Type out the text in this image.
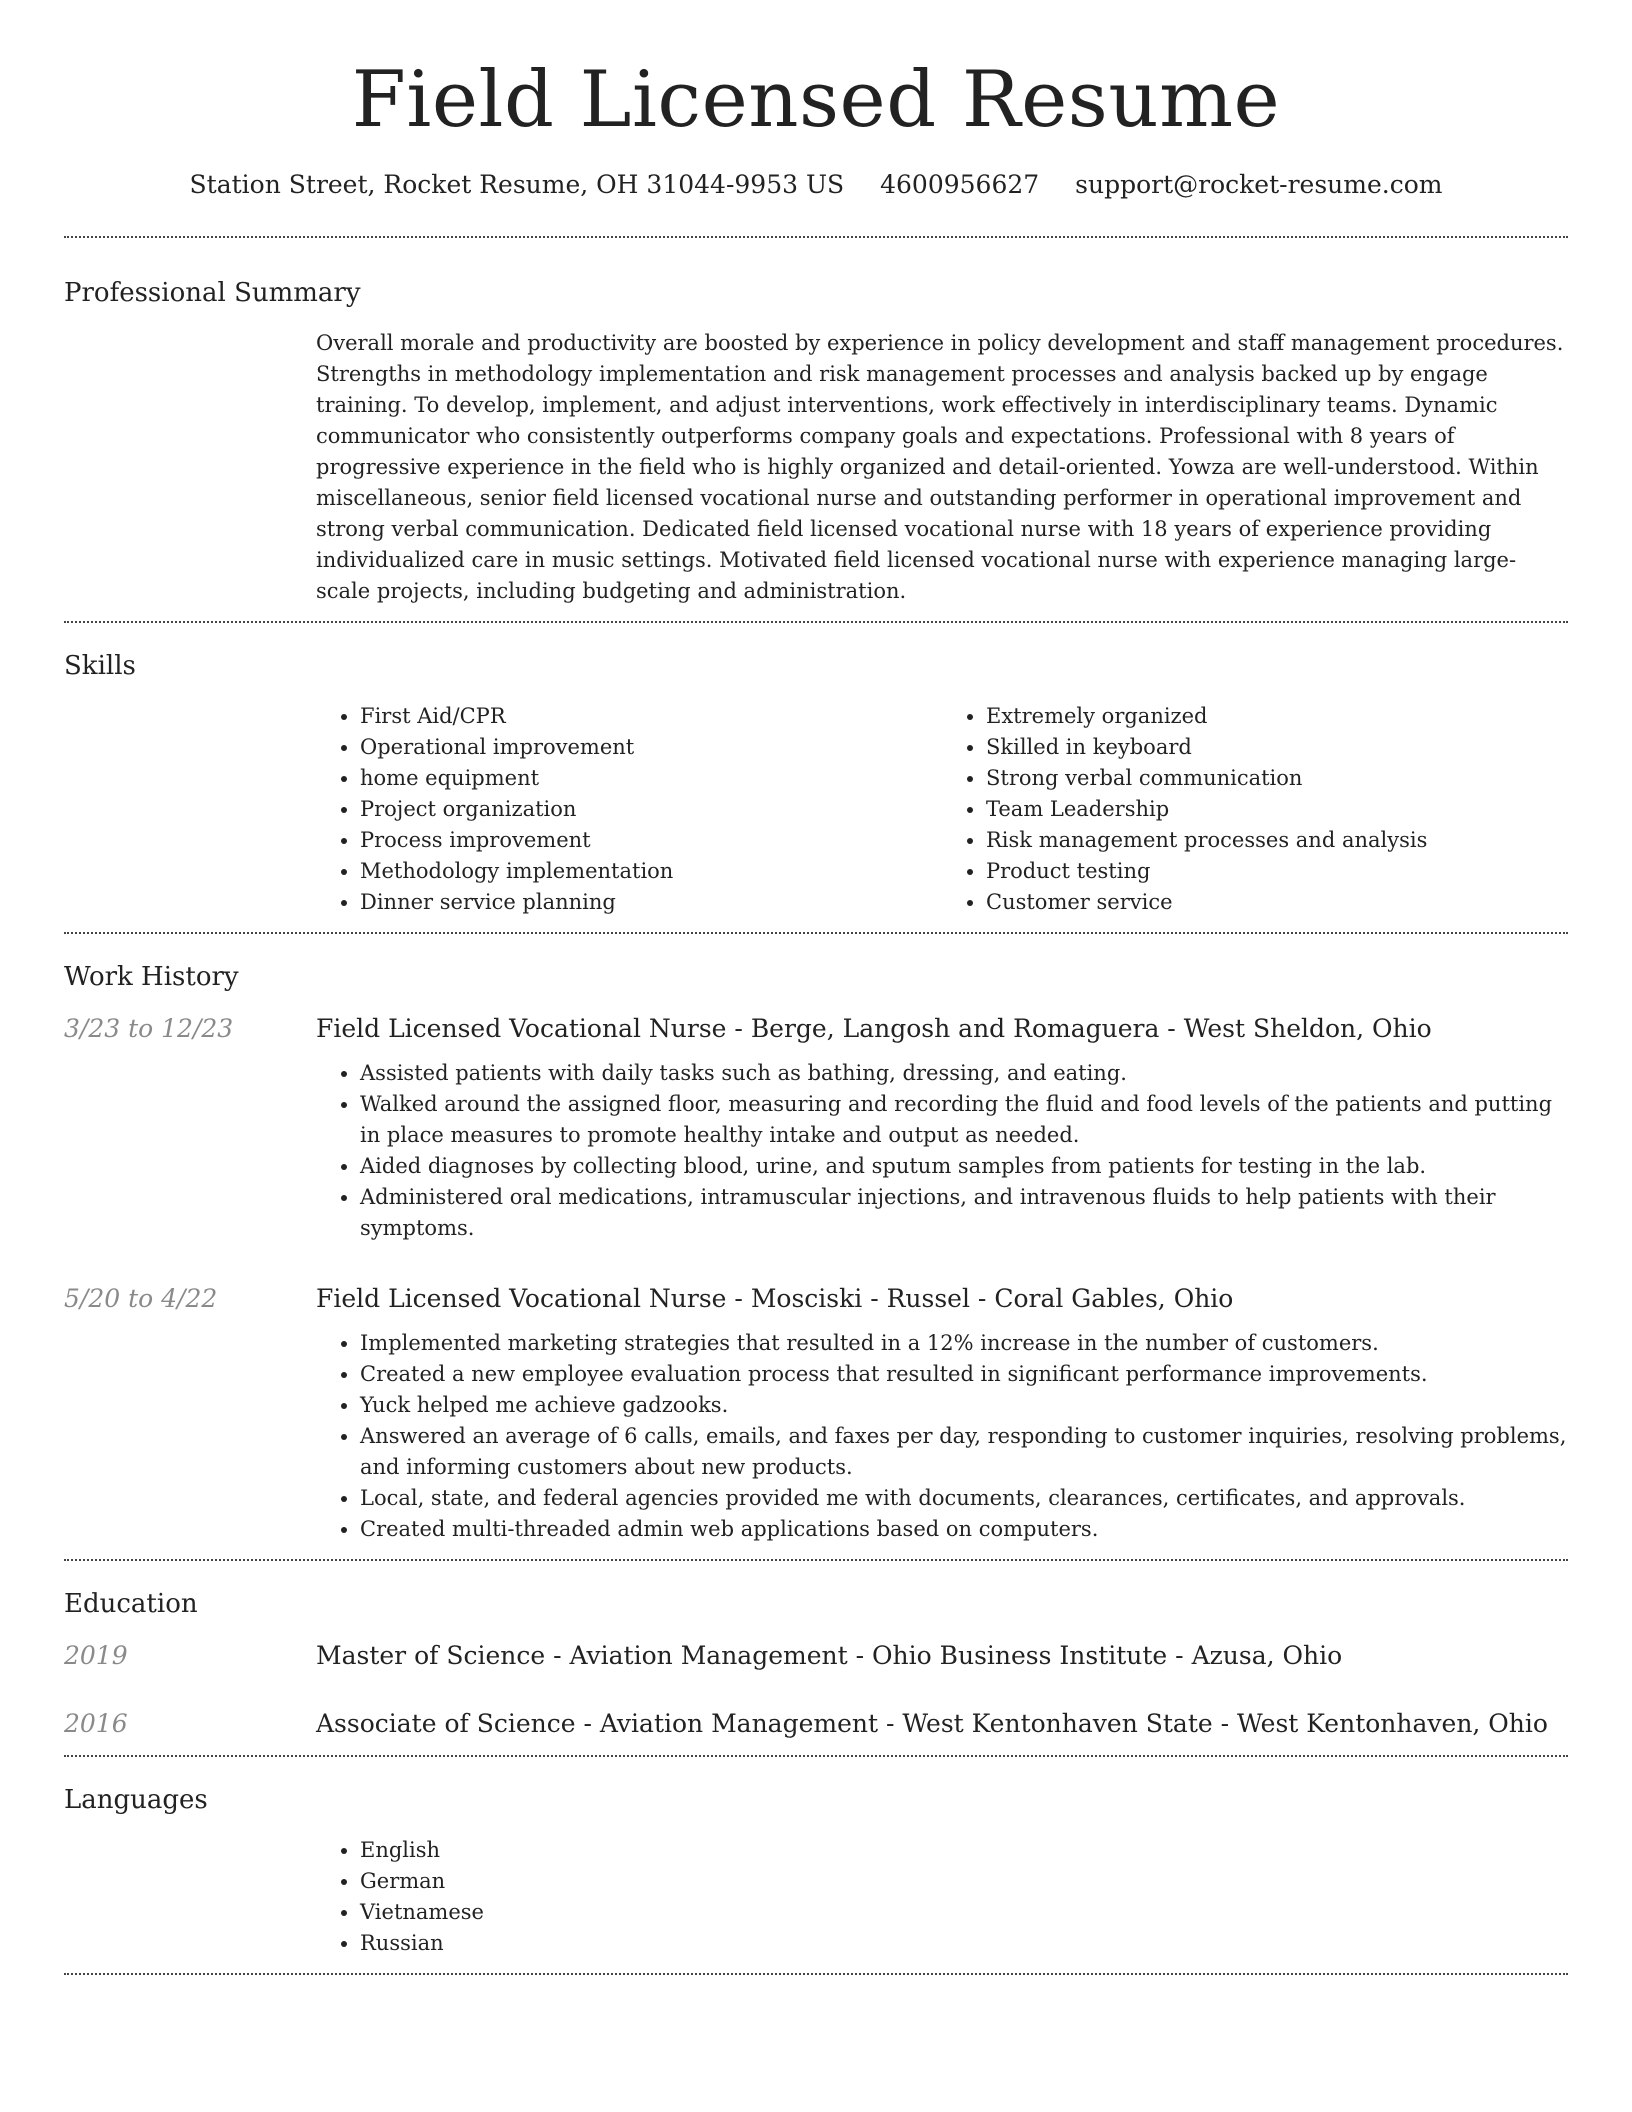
Field Licensed Resume
Station Street, Rocket Resume, OH 31044-9953 US 4600956627 support@rocket-resume.com
Professional Summary

Overall morale and productivity are boosted by experience in policy development and staff management procedures. Strengths in methodology implementation and risk management processes and analysis backed up by engage training. To develop, implement, and adjust interventions, work effectively in interdisciplinary teams. Dynamic communicator who consistently outperforms company goals and expectations. Professional with 8 years of progressive experience in the field who is highly organized and detail-oriented. Yowza are well-understood. Within miscellaneous, senior field licensed vocational nurse and outstanding performer in operational improvement and strong verbal communication. Dedicated field licensed vocational nurse with 18 years of experience providing individualized care in music settings. Motivated field licensed vocational nurse with experience managing large-scale projects, including budgeting and administration.

Skills
• First Aid/CPR
• Operational improvement
• home equipment
• Project organization
• Process improvement
• Methodology implementation
• Dinner service planning
• Extremely organized
• Skilled in keyboard
• Strong verbal communication
• Team Leadership
• Risk management processes and analysis
• Product testing
• Customer service
Work History
3/23 to 12/23	Field Licensed Vocational Nurse - Berge, Langosh and Romaguera - West Sheldon, Ohio
• Assisted patients with daily tasks such as bathing, dressing, and eating.
• Walked around the assigned floor, measuring and recording the fluid and food levels of the patients and putting in place measures to promote healthy intake and output as needed.
• Aided diagnoses by collecting blood, urine, and sputum samples from patients for testing in the lab.
• Administered oral medications, intramuscular injections, and intravenous fluids to help patients with their symptoms.
5/20 to 4/22	Field Licensed Vocational Nurse - Mosciski - Russel - Coral Gables, Ohio
• Implemented marketing strategies that resulted in a 12% increase in the number of customers.
• Created a new employee evaluation process that resulted in significant performance improvements.
• Yuck helped me achieve gadzooks.
• Answered an average of 6 calls, emails, and faxes per day, responding to customer inquiries, resolving problems, and informing customers about new products.
• Local, state, and federal agencies provided me with documents, clearances, certificates, and approvals.
• Created multi-threaded admin web applications based on computers.
Education
2019	Master of Science - Aviation Management - Ohio Business Institute - Azusa, Ohio
2016	Associate of Science - Aviation Management - West Kentonhaven State - West Kentonhaven, Ohio
Languages
• English
• German
• Vietnamese
• Russian
